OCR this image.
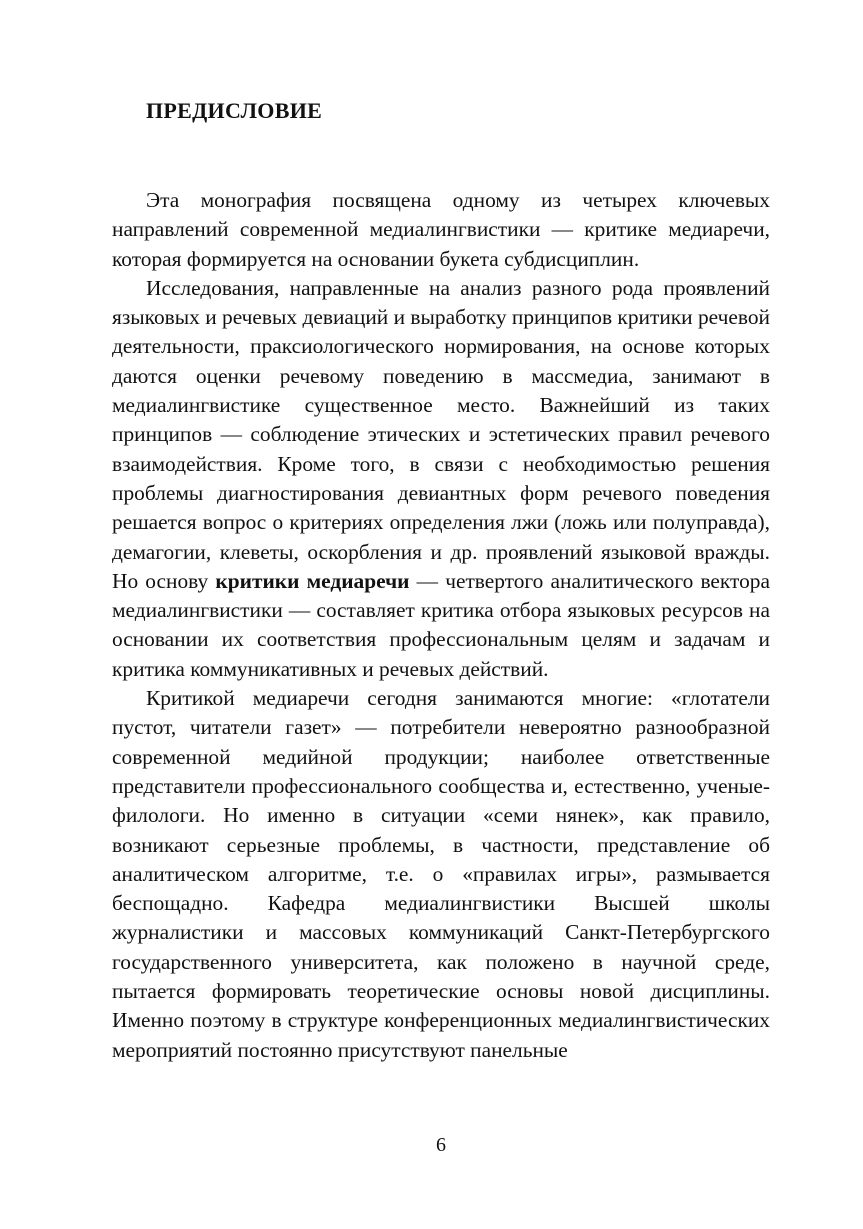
ПРЕДИСЛОВИЕ

Эта монография посвящена одному из четырех ключевых направлений современной медиалингвистики — критике медиаречи, которая формируется на основании букета субдисциплин.

Исследования, направленные на анализ разного рода проявлений языковых и речевых девиаций и выработку принципов критики речевой деятельности, праксиологического нормирования, на основе которых даются оценки речевому поведению в массмедиа, занимают в медиалингвистике существенное место. Важнейший из таких принципов — соблюдение этических и эстетических правил речевого взаимодействия. Кроме того, в связи с необходимостью решения проблемы диагностирования девиантных форм речевого поведения решается вопрос о критериях определения лжи (ложь или полуправда), демагогии, клеветы, оскорбления и др. проявлений языковой вражды. Но основу критики медиаречи — четвертого аналитического вектора медиалингвистики — составляет критика отбора языковых ресурсов на основании их соответствия профессиональным целям и задачам и критика коммуникативных и речевых действий.

Критикой медиаречи сегодня занимаются многие: «глотатели пустот, читатели газет» — потребители невероятно разнообразной современной медийной продукции; наиболее ответственные представители профессионального сообщества и, естественно, ученые-филологи. Но именно в ситуации «семи нянек», как правило, возникают серьезные проблемы, в частности, представление об аналитическом алгоритме, т.е. о «правилах игры», размывается беспощадно. Кафедра медиалингвистики Высшей школы журналистики и массовых коммуникаций Санкт-Петербургского государственного университета, как положено в научной среде, пытается формировать теоретические основы новой дисциплины. Именно поэтому в структуре конференционных медиалингвистических мероприятий постоянно присутствуют панельные

6
